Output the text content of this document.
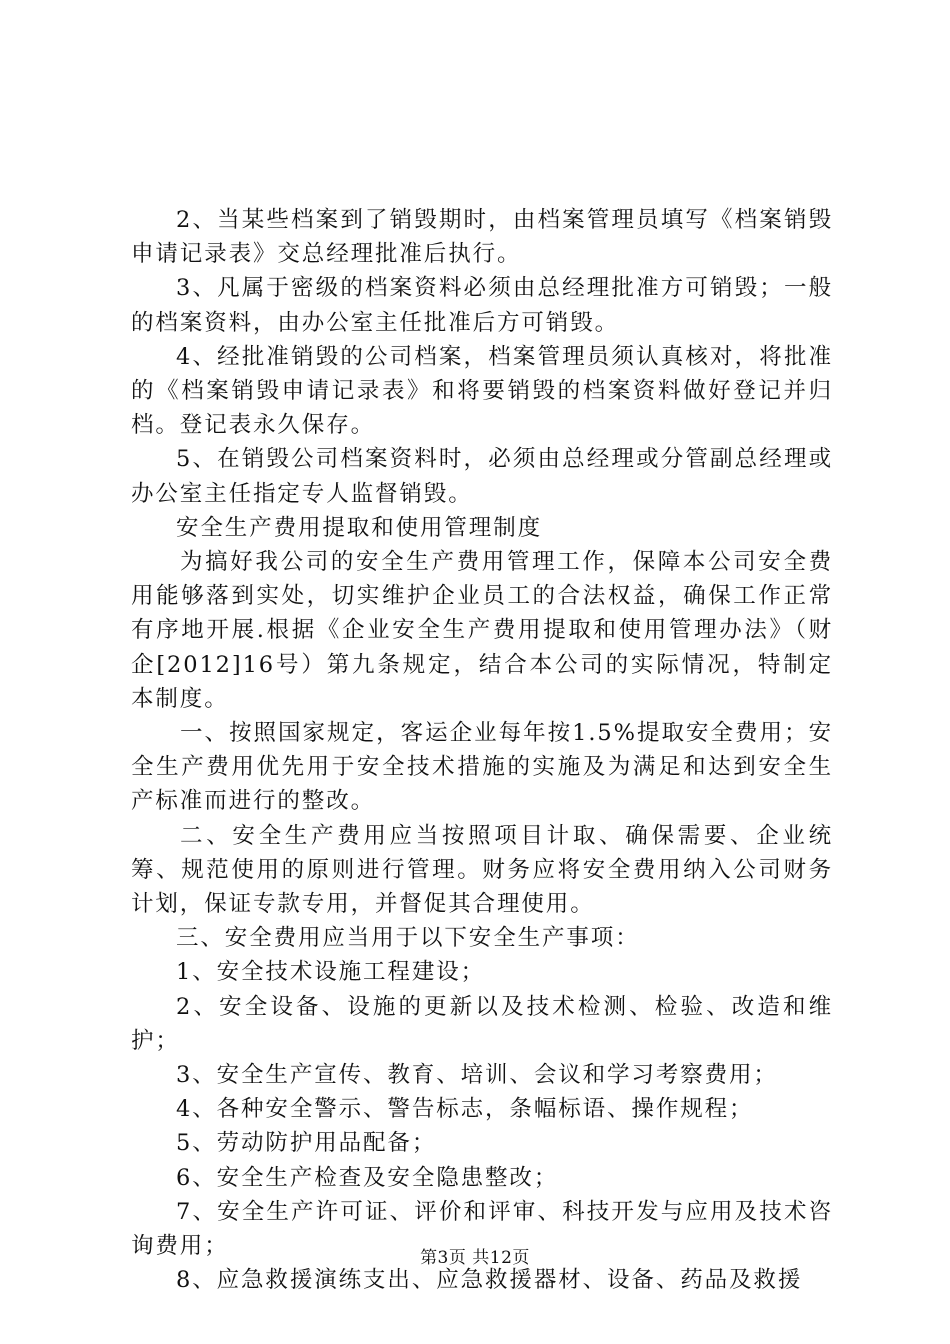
2、当某些档案到了销毁期时，由档案管理员填写《档案销毁申请记录表》交总经理批准后执行。

3、凡属于密级的档案资料必须由总经理批准方可销毁；一般的档案资料，由办公室主任批准后方可销毁。

4、经批准销毁的公司档案，档案管理员须认真核对，将批准的《档案销毁申请记录表》和将要销毁的档案资料做好登记并归档。登记表永久保存。

5、在销毁公司档案资料时，必须由总经理或分管副总经理或办公室主任指定专人监督销毁。

安全生产费用提取和使用管理制度

为搞好我公司的安全生产费用管理工作，保障本公司安全费用能够落到实处，切实维护企业员工的合法权益，确保工作正常有序地开展.根据《企业安全生产费用提取和使用管理办法》（财企[2012]16号）第九条规定，结合本公司的实际情况，特制定本制度。

一、按照国家规定，客运企业每年按1.5%提取安全费用；安全生产费用优先用于安全技术措施的实施及为满足和达到安全生产标准而进行的整改。

二、安全生产费用应当按照项目计取、确保需要、企业统筹、规范使用的原则进行管理。财务应将安全费用纳入公司财务计划，保证专款专用，并督促其合理使用。

三、安全费用应当用于以下安全生产事项：

1、安全技术设施工程建设；

2、安全设备、设施的更新以及技术检测、检验、改造和维护；

3、安全生产宣传、教育、培训、会议和学习考察费用；

4、各种安全警示、警告标志，条幅标语、操作规程；

5、劳动防护用品配备；

6、安全生产检查及安全隐患整改；

7、安全生产许可证、评价和评审、科技开发与应用及技术咨询费用；

8、应急救援演练支出、应急救援器材、设备、药品及救援

第3页 共12页
